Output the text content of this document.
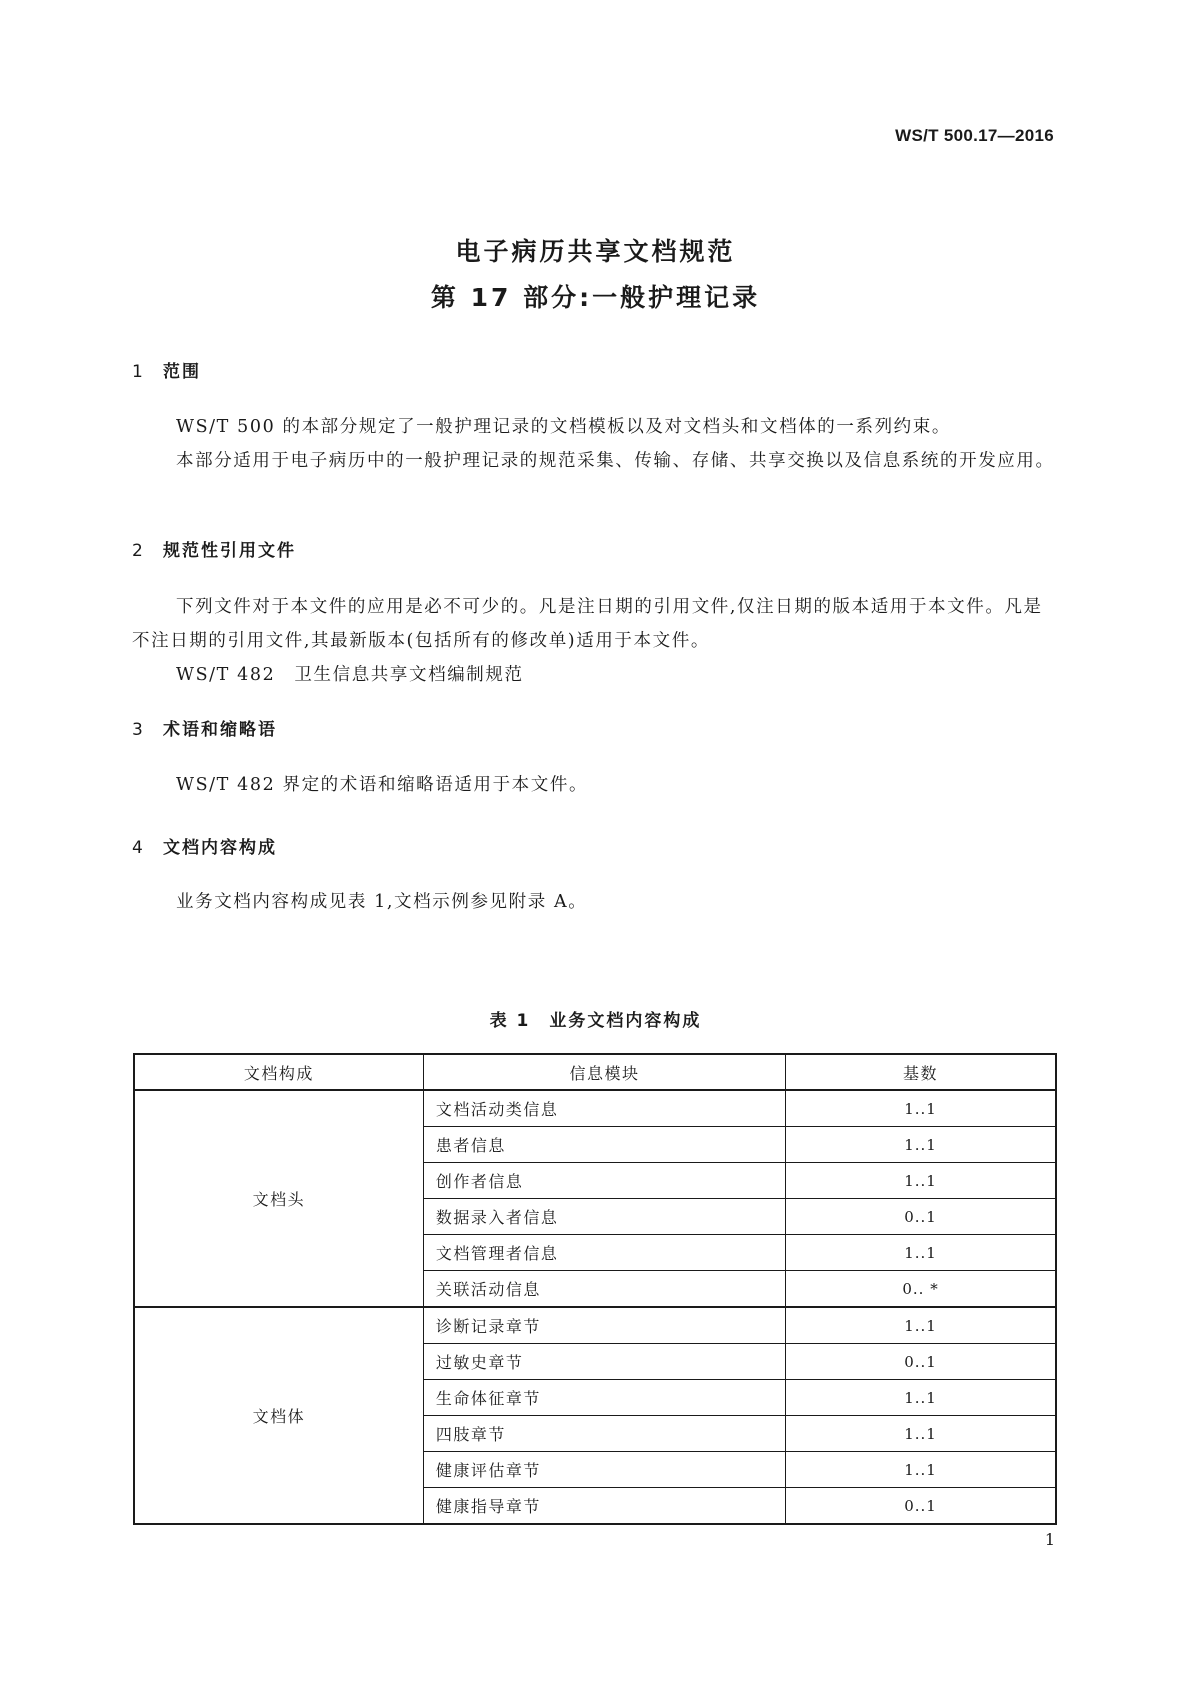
WS/T 500.17—2016
电子病历共享文档规范
第 17 部分:一般护理记录
1 范围
WS/T 500 的本部分规定了一般护理记录的文档模板以及对文档头和文档体的一系列约束。
本部分适用于电子病历中的一般护理记录的规范采集、传输、存储、共享交换以及信息系统的开发应用。
2 规范性引用文件
下列文件对于本文件的应用是必不可少的。凡是注日期的引用文件,仅注日期的版本适用于本文件。凡是不注日期的引用文件,其最新版本(包括所有的修改单)适用于本文件。
WS/T 482　卫生信息共享文档编制规范
3 术语和缩略语
WS/T 482 界定的术语和缩略语适用于本文件。
4 文档内容构成
业务文档内容构成见表 1,文档示例参见附录 A。
表 1　业务文档内容构成
文档构成	信息模块	基数
文档头	文档活动类信息	1..1
	患者信息	1..1
	创作者信息	1..1
	数据录入者信息	0..1
	文档管理者信息	1..1
	关联活动信息	0.. *
文档体	诊断记录章节	1..1
	过敏史章节	0..1
	生命体征章节	1..1
	四肢章节	1..1
	健康评估章节	1..1
	健康指导章节	0..1
1
